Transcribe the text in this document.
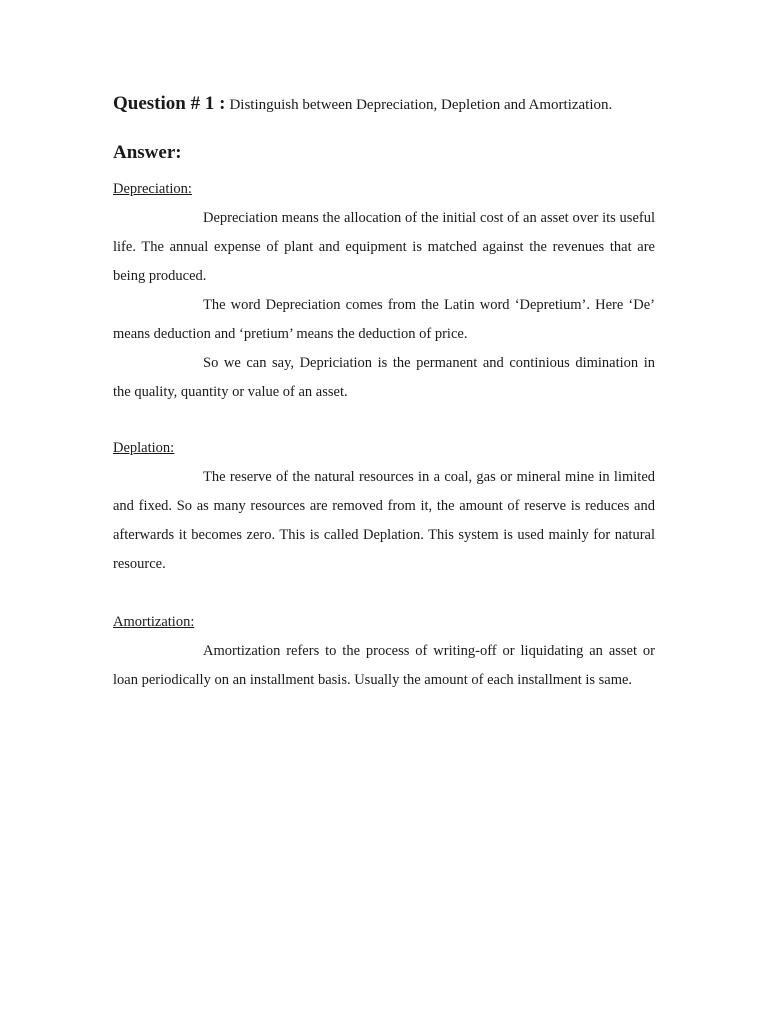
Question # 1 : Distinguish between Depreciation, Depletion and Amortization.
Answer:
Depreciation:

Depreciation means the allocation of the initial cost of an asset over its useful life. The annual expense of plant and equipment is matched against the revenues that are being produced.

The word Depreciation comes from the Latin word ‘Depretium’. Here ‘De’ means deduction and ‘pretium’ means the deduction of price.

So we can say, Depriciation is the permanent and continious dimination in the quality, quantity or value of an asset.

Deplation:

The reserve of the natural resources in a coal, gas or mineral mine in limited and fixed. So as many resources are removed from it, the amount of reserve is reduces and afterwards it becomes zero. This is called Deplation. This system is used mainly for natural resource.

Amortization:

Amortization refers to the process of writing-off or liquidating an asset or loan periodically on an installment basis. Usually the amount of each installment is same.
